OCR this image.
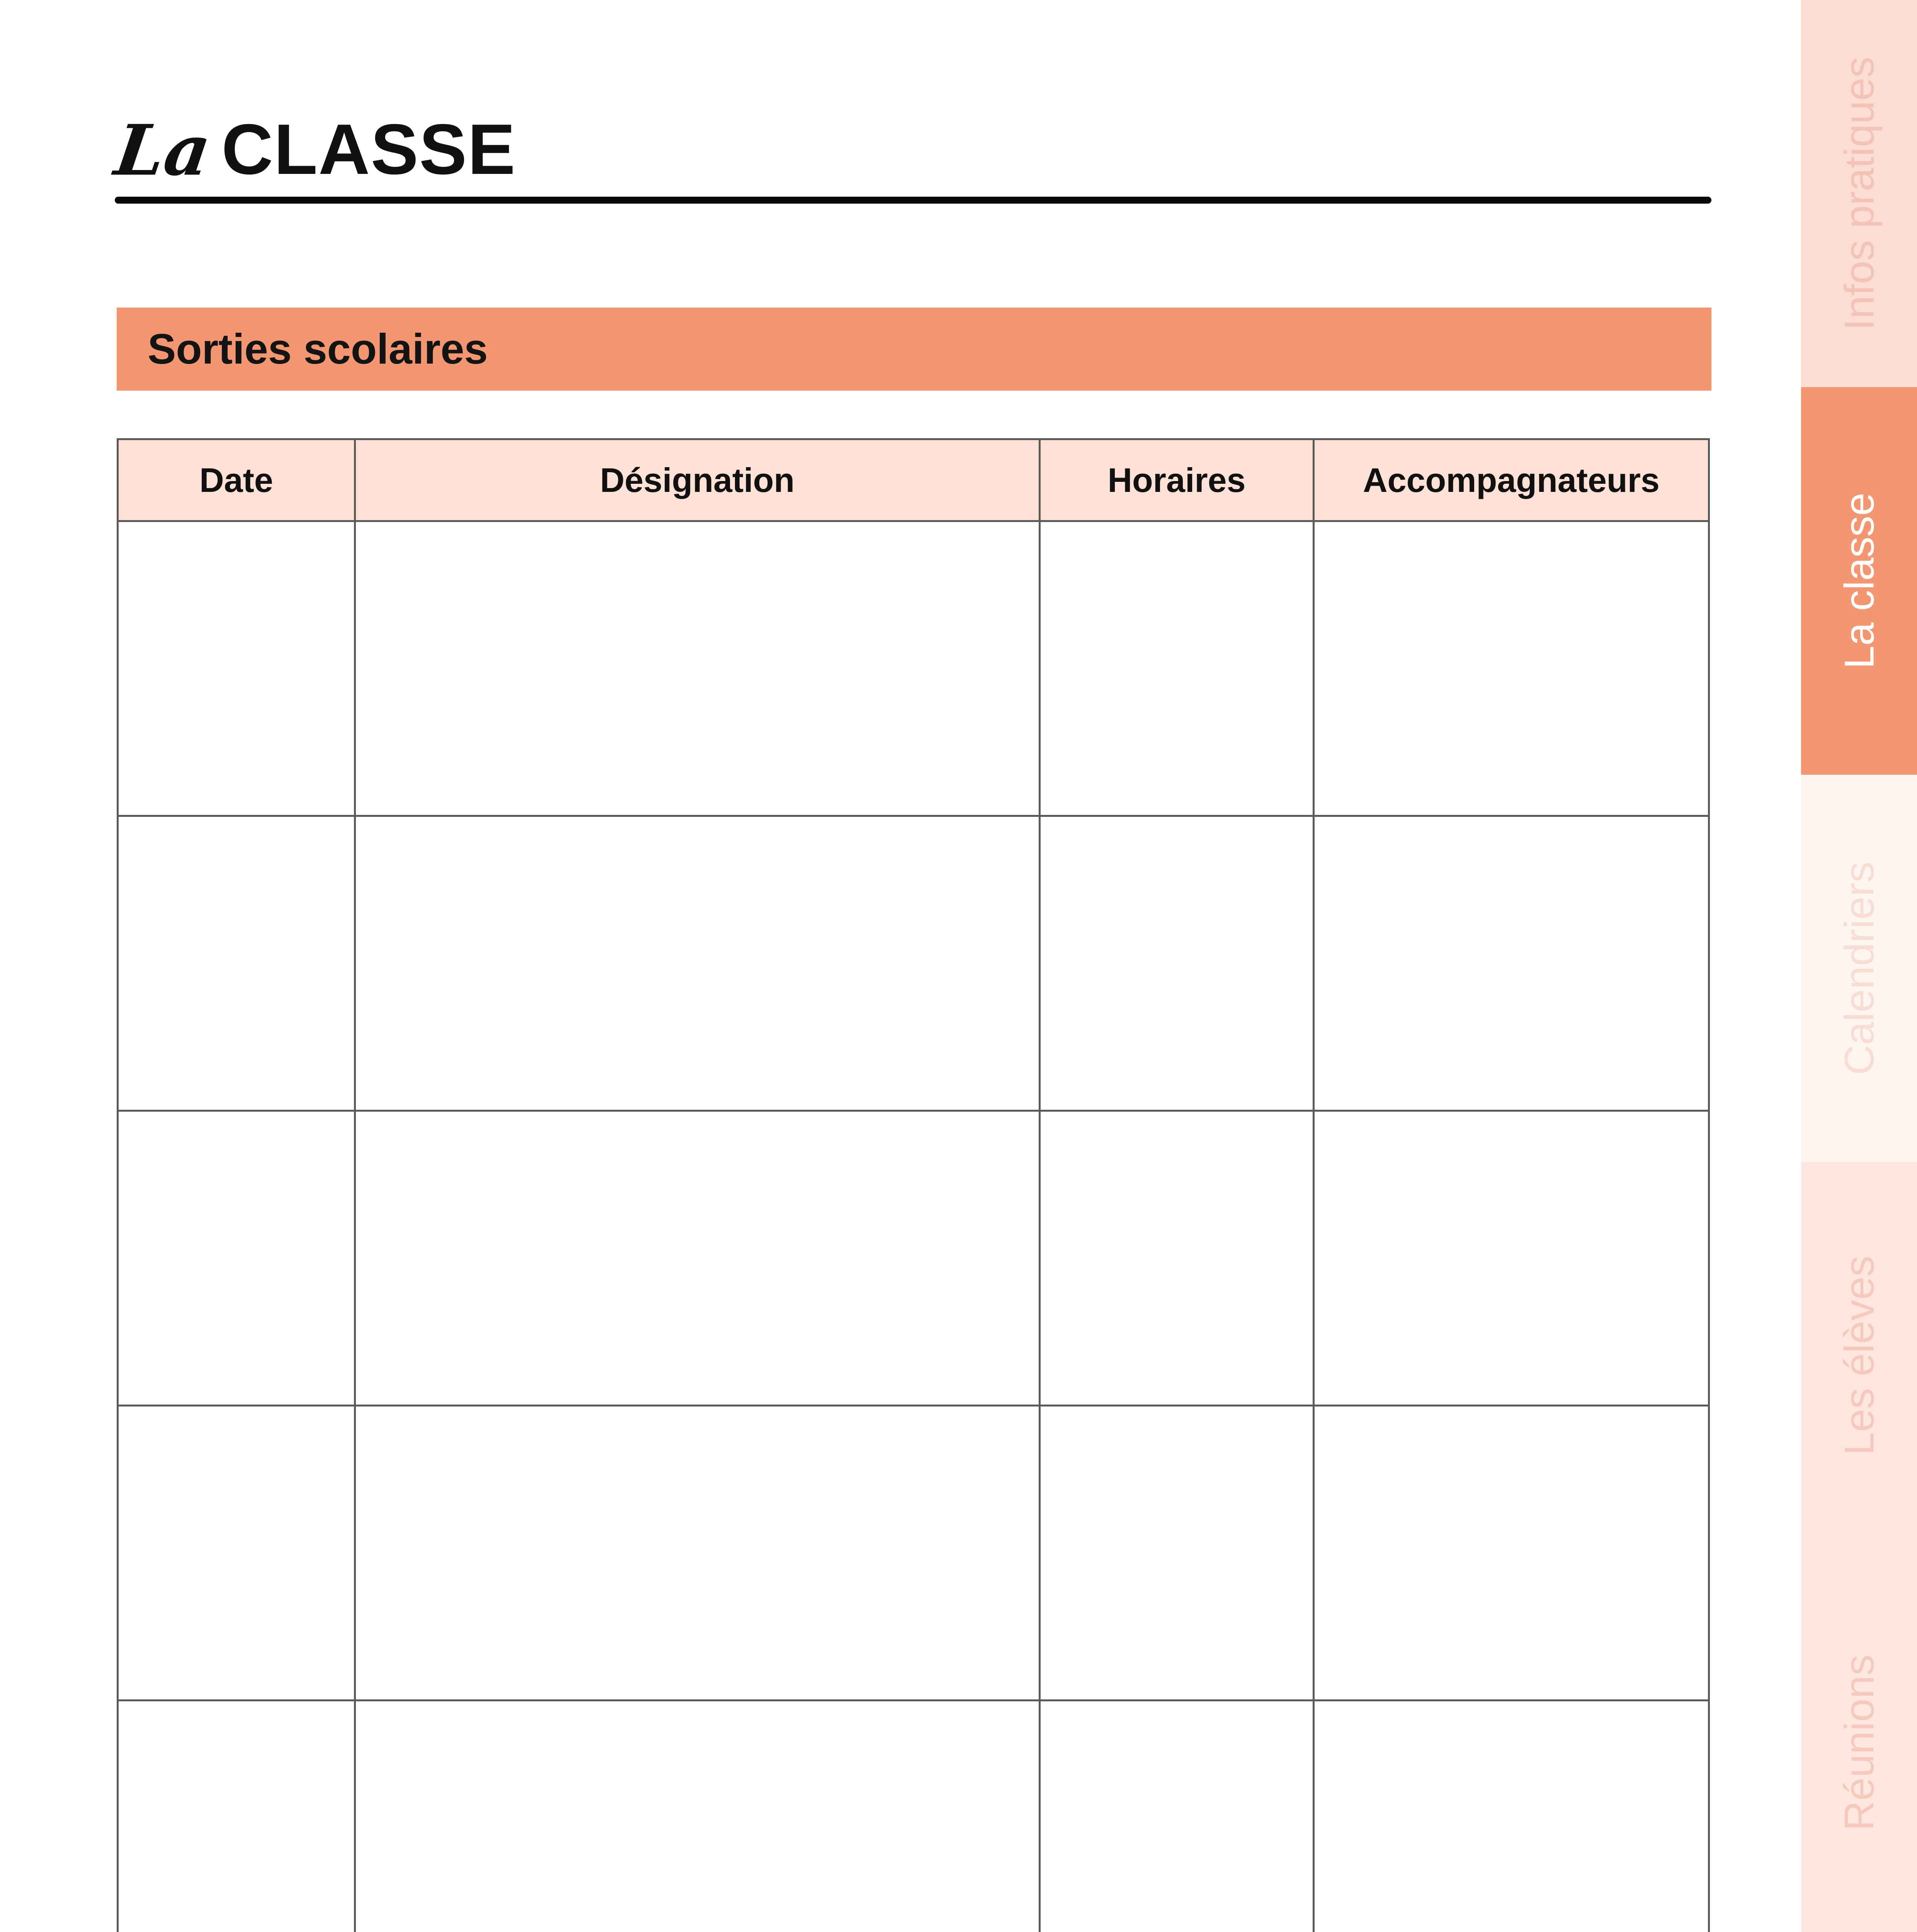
La CLASSE
Sorties scolaires
Date	Désignation	Horaires	Accompagnateurs

Infos pratiques
La classe
Calendriers
Les élèves
Réunions
